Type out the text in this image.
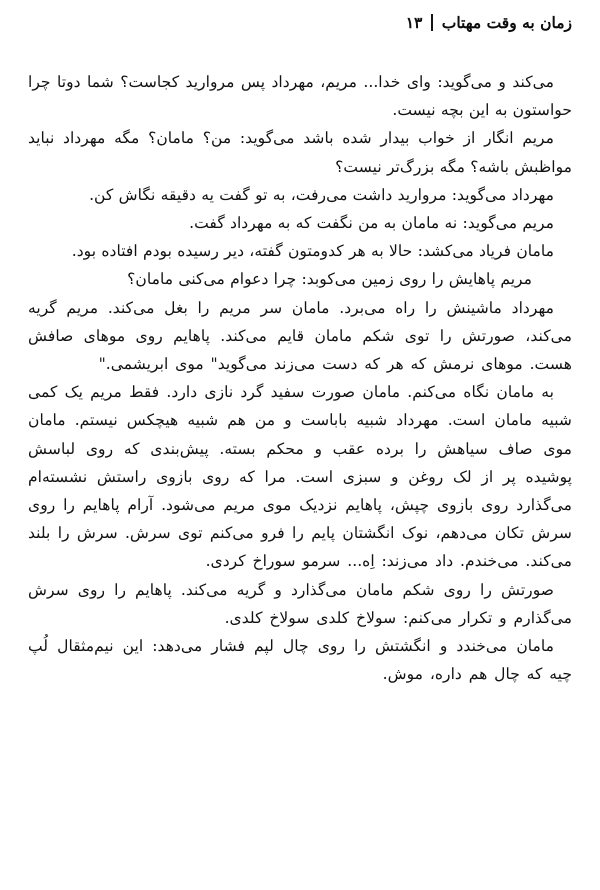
زمان به وقت مهتاب
۱۳

می‌کند و می‌گوید: وای خدا... مریم، مهرداد پس مروارید کجاست؟ شما دوتا چرا حواستون به این بچه نیست.

مریم انگار از خواب بیدار شده باشد می‌گوید: من؟ مامان؟ مگه مهرداد نباید مواظبش باشه؟ مگه بزرگ‌تر نیست؟

مهرداد می‌گوید: مروارید داشت می‌رفت، به تو گفت یه دقیقه نگاش کن.

مریم می‌گوید: نه مامان به من نگفت که به مهرداد گفت.

مامان فریاد می‌کشد: حالا به هر کدومتون گفته، دیر رسیده بودم افتاده بود.

مریم پاهایش را روی زمین می‌کوبد: چرا دعوام می‌کنی مامان؟

مهرداد ماشینش را راه می‌برد. مامان سر مریم را بغل می‌کند. مریم گریه می‌کند، صورتش را توی شکم مامان قایم می‌کند. پاهایم روی موهای صافش هست. موهای نرمش که هر که دست می‌زند می‌گوید" موی ابریشمی."

به مامان نگاه می‌کنم. مامان صورت سفید گرد نازی دارد. فقط مریم یک کمی شبیه مامان است. مهرداد شبیه باباست و من هم شبیه هیچکس نیستم. مامان موی صاف سیاهش را برده عقب و محکم بسته. پیش‌بندی که روی لباسش پوشیده پر از لک روغن و سبزی است. مرا که روی بازوی راستش نشسته‌ام می‌گذارد روی بازوی چپش، پاهایم نزدیک موی مریم می‌شود. آرام پاهایم را روی سرش تکان می‌دهم، نوک انگشتان پایم را فرو می‌کنم توی سرش. سرش را بلند می‌کند. می‌خندم. داد می‌زند: اِه... سرمو سوراخ کردی.

صورتش را روی شکم مامان می‌گذارد و گریه می‌کند. پاهایم را روی سرش می‌گذارم و تکرار می‌کنم: سولاخ کلدی سولاخ کلدی.

مامان می‌خندد و انگشتش را روی چال لپم فشار می‌دهد: این نیم‌مثقال لُپ چیه که چال هم داره، موش.
